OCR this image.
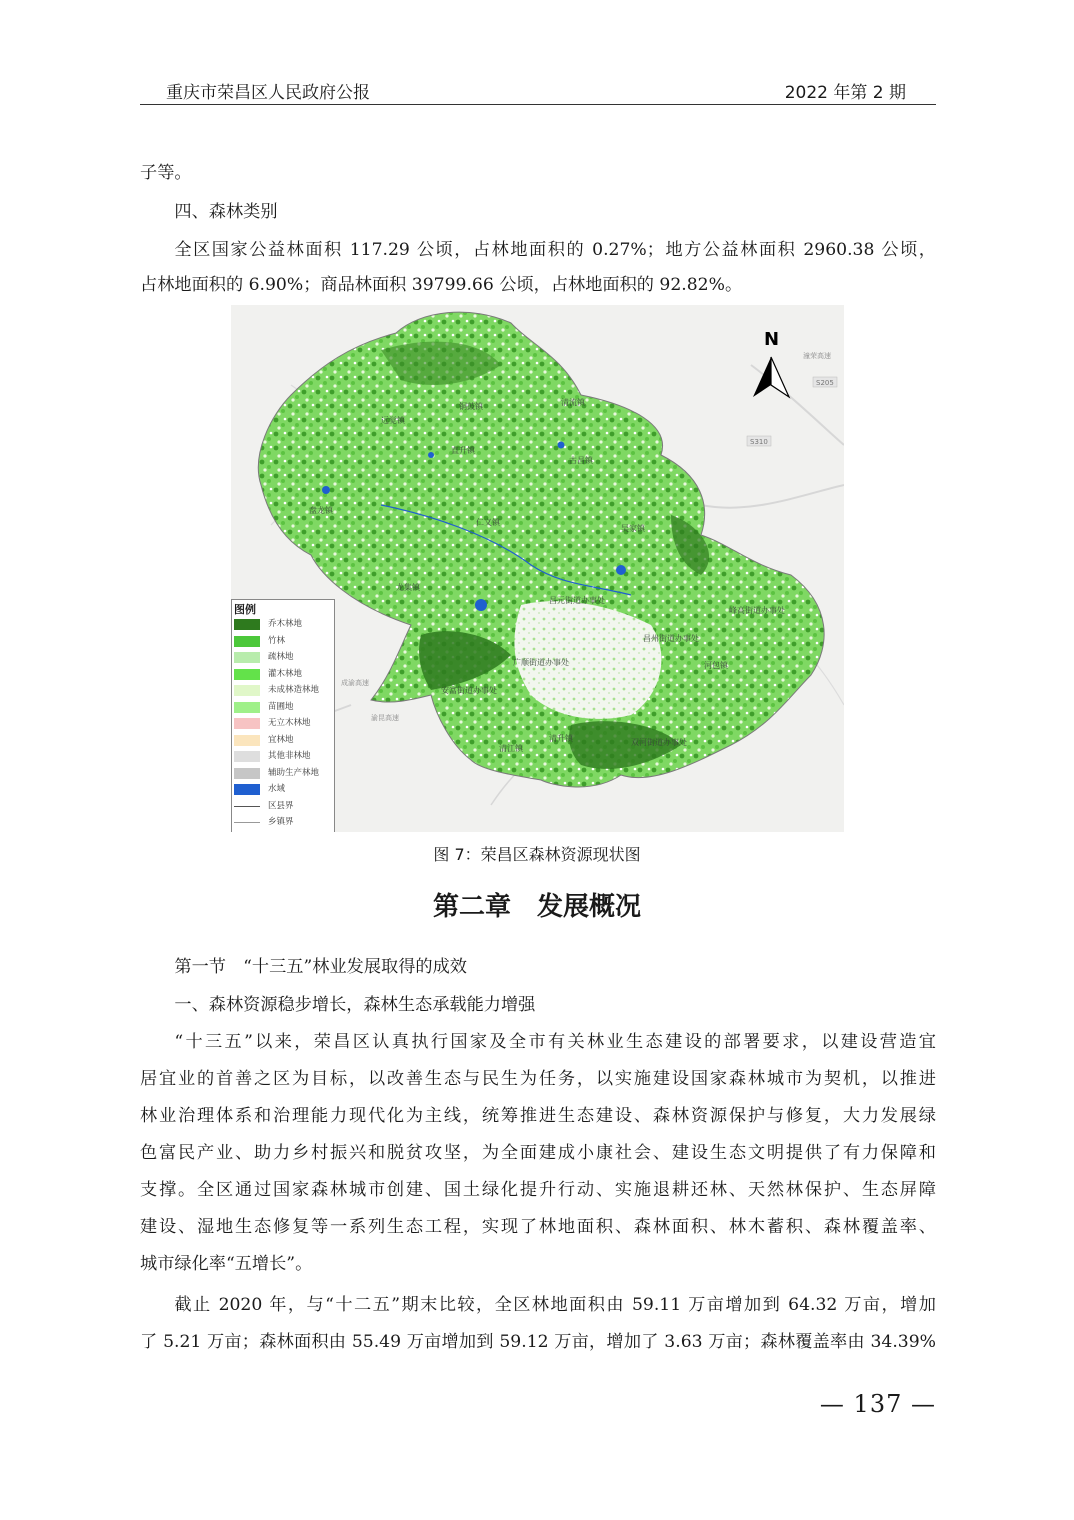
重庆市荣昌区人民政府公报	2022 年第 2 期
子等。
四、森林类别
全区国家公益林面积 117.29 公顷，占林地面积的 0.27%；地方公益林面积 2960.38 公顷，
占林地面积的 6.90%；商品林面积 39799.66 公顷，占林地面积的 92.82%。
N
S205
S310
潼荣高速
成渝高速
渝昆高速
铜鼓镇
盘龙镇
仁义镇
吴家镇
直升镇
龙集镇
昌元街道办事处
峰高街道办事处
昌州街道办事处
广顺街道办事处
安富街道办事处
河包镇
清升镇
清江镇
双河街道办事处
古昌镇
清流镇
远觉镇
图例
乔木林地
竹林
疏林地
灌木林地
未成林造林地
苗圃地
无立木林地
宜林地
其他非林地
辅助生产林地
水域
区县界
乡镇界
图 7：荣昌区森林资源现状图
第二章　发展概况
第一节　“十三五”林业发展取得的成效
一、森林资源稳步增长，森林生态承载能力增强
“十三五”以来，荣昌区认真执行国家及全市有关林业生态建设的部署要求，以建设营造宜
居宜业的首善之区为目标，以改善生态与民生为任务，以实施建设国家森林城市为契机，以推进
林业治理体系和治理能力现代化为主线，统筹推进生态建设、森林资源保护与修复，大力发展绿
色富民产业、助力乡村振兴和脱贫攻坚，为全面建成小康社会、建设生态文明提供了有力保障和
支撑。全区通过国家森林城市创建、国土绿化提升行动、实施退耕还林、天然林保护、生态屏障
建设、湿地生态修复等一系列生态工程，实现了林地面积、森林面积、林木蓄积、森林覆盖率、
城市绿化率“五增长”。
截止 2020 年，与“十二五”期末比较，全区林地面积由 59.11 万亩增加到 64.32 万亩，增加
了 5.21 万亩；森林面积由 55.49 万亩增加到 59.12 万亩，增加了 3.63 万亩；森林覆盖率由 34.39%
— 137 —
